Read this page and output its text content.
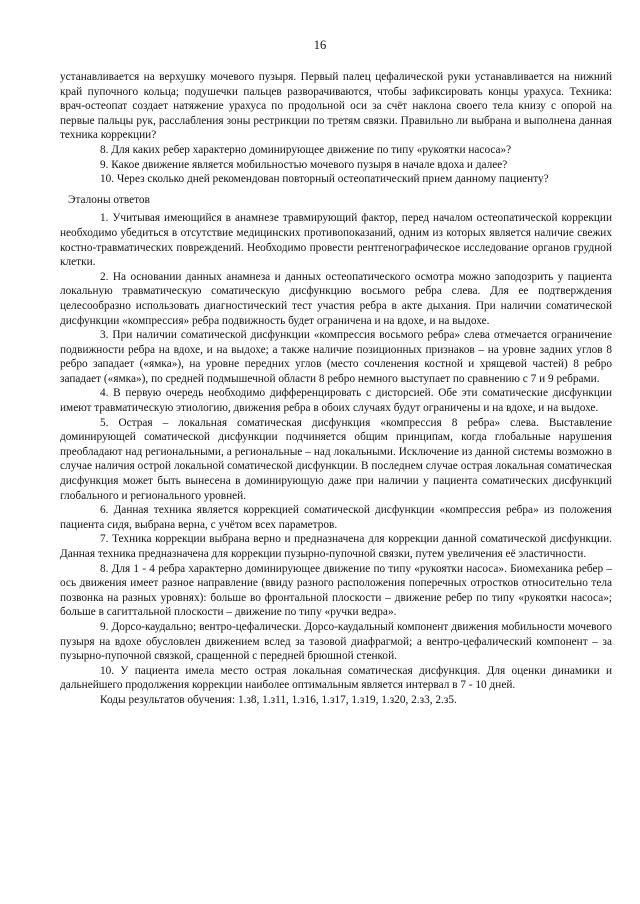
16

устанавливается на верхушку мочевого пузыря. Первый палец цефалической руки устанавливается на нижний край пупочного кольца; подушечки пальцев разворачиваются, чтобы зафиксировать концы урахуса. Техника: врач-остеопат создает натяжение урахуса по продольной оси за счёт наклона своего тела книзу с опорой на первые пальцы рук, расслабления зоны рестрикции по третям связки. Правильно ли выбрана и выполнена данная техника коррекции?

8. Для каких ребер характерно доминирующее движение по типу «рукоятки насоса»?

9. Какое движение является мобильностью мочевого пузыря в начале вдоха и далее?

10. Через сколько дней рекомендован повторный остеопатический прием данному пациенту?

Эталоны ответов

1. Учитывая имеющийся в анамнезе травмирующий фактор, перед началом остеопатической коррекции необходимо убедиться в отсутствие медицинских противопоказаний, одним из которых является наличие свежих костно-травматических повреждений. Необходимо провести рентгенографическое исследование органов грудной клетки.

2. На основании данных анамнеза и данных остеопатического осмотра можно заподозрить у пациента локальную травматическую соматическую дисфункцию восьмого ребра слева. Для ее подтверждения целесообразно использовать диагностический тест участия ребра в акте дыхания. При наличии соматической дисфункции «компрессия» ребра подвижность будет ограничена и на вдохе, и на выдохе.

3. При наличии соматической дисфункции «компрессия восьмого ребра» слева отмечается ограничение подвижности ребра на вдохе, и на выдохе; а также наличие позиционных признаков – на уровне задних углов 8 ребро западает («ямка»), на уровне передних углов (место сочленения костной и хрящевой частей) 8 ребро западает («ямка»), по средней подмышечной области 8 ребро немного выступает по сравнению с 7 и 9 ребрами.

4. В первую очередь необходимо дифференцировать с дисторсией. Обе эти соматические дисфункции имеют травматическую этиологию, движения ребра в обоих случаях будут ограничены и на вдохе, и на выдохе.

5. Острая – локальная соматическая дисфункция «компрессия 8 ребра» слева. Выставление доминирующей соматической дисфункции подчиняется общим принципам, когда глобальные нарушения преобладают над региональными, а региональные – над локальными. Исключение из данной системы возможно в случае наличия острой локальной соматической дисфункции. В последнем случае острая локальная соматическая дисфункция может быть вынесена в доминирующую даже при наличии у пациента соматических дисфункций глобального и регионального уровней.

6. Данная техника является коррекцией соматической дисфункции «компрессия ребра» из положения пациента сидя, выбрана верна, с учётом всех параметров.

7. Техника коррекции выбрана верно и предназначена для коррекции данной соматической дисфункции. Данная техника предназначена для коррекции пузырно-пупочной связки, путем увеличения её эластичности.

8. Для 1 - 4 ребра характерно доминирующее движение по типу «рукоятки насоса». Биомеханика ребер – ось движения имеет разное направление (ввиду разного расположения поперечных отростков относительно тела позвонка на разных уровнях): больше во фронтальной плоскости – движение ребер по типу «рукоятки насоса»; больше в сагиттальной плоскости – движение по типу «ручки ведра».

9. Дорсо-каудально; вентро-цефалически. Дорсо-каудальный компонент движения мобильности мочевого пузыря на вдохе обусловлен движением вслед за тазовой диафрагмой; а вентро-цефалический компонент – за пузырно-пупочной связкой, сращенной с передней брюшной стенкой.

10. У пациента имела место острая локальная соматическая дисфункция. Для оценки динамики и дальнейшего продолжения коррекции наиболее оптимальным является интервал в 7 - 10 дней.

Коды результатов обучения: 1.з8, 1.з11, 1.з16, 1.з17, 1.з19, 1.з20, 2.з3, 2.з5.
